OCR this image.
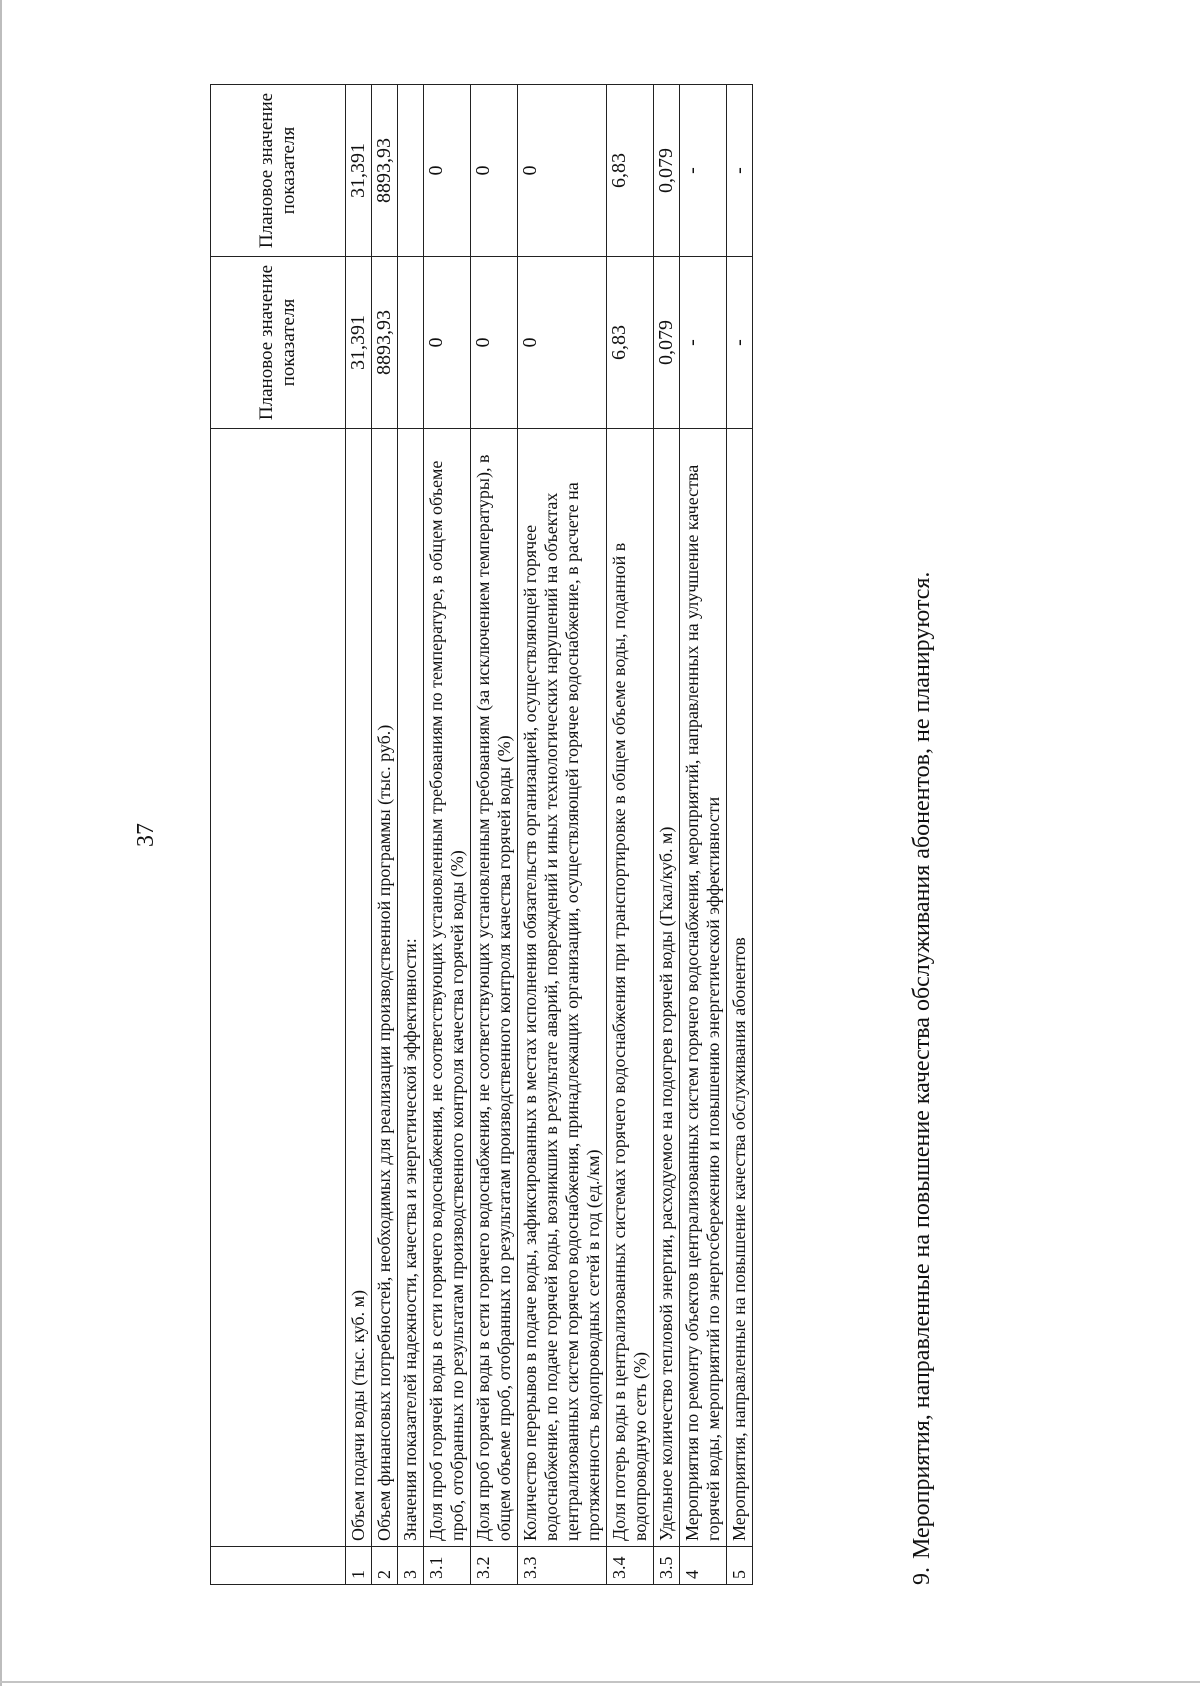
37
		Плановое значение показателя	Плановое значение показателя
1	Объем подачи воды (тыс. куб. м)	31,391	31,391
2	Объем финансовых потребностей, необходимых для реализации производственной программы (тыс. руб.)	8893,93	8893,93
3	Значения показателей надежности, качества и энергетической эффективности:		
3.1	Доля проб горячей воды в сети горячего водоснабжения, не соответствующих установленным требованиям по температуре, в общем объеме проб, отобранных по результатам производственного контроля качества горячей воды (%)	0	0
3.2	Доля проб горячей воды в сети горячего водоснабжения, не соответствующих установленным требованиям (за исключением температуры), в общем объеме проб, отобранных по результатам производственного контроля качества горячей воды (%)	0	0
3.3	Количество перерывов в подаче воды, зафиксированных в местах исполнения обязательств организацией, осуществляющей горячее водоснабжение, по подаче горячей воды, возникших в результате аварий, повреждений и иных технологических нарушений на объектах централизованных систем горячего водоснабжения, принадлежащих организации, осуществляющей горячее водоснабжение, в расчете на протяженность водопроводных сетей в год (ед./км)	0	0
3.4	Доля потерь воды в централизованных системах горячего водоснабжения при транспортировке в общем объеме воды, поданной в водопроводную сеть (%)	6,83	6,83
3.5	Удельное количество тепловой энергии, расходуемое на подогрев горячей воды (Гкал/куб. м)	0,079	0,079
4	Мероприятия по ремонту объектов централизованных систем горячего водоснабжения, мероприятий, направленных на улучшение качества горячей воды, мероприятий по энергосбережению и повышению энергетической эффективности	-	-
5	Мероприятия, направленные на повышение качества обслуживания абонентов	-	-
9. Мероприятия, направленные на повышение качества обслуживания абонентов, не планируются.
